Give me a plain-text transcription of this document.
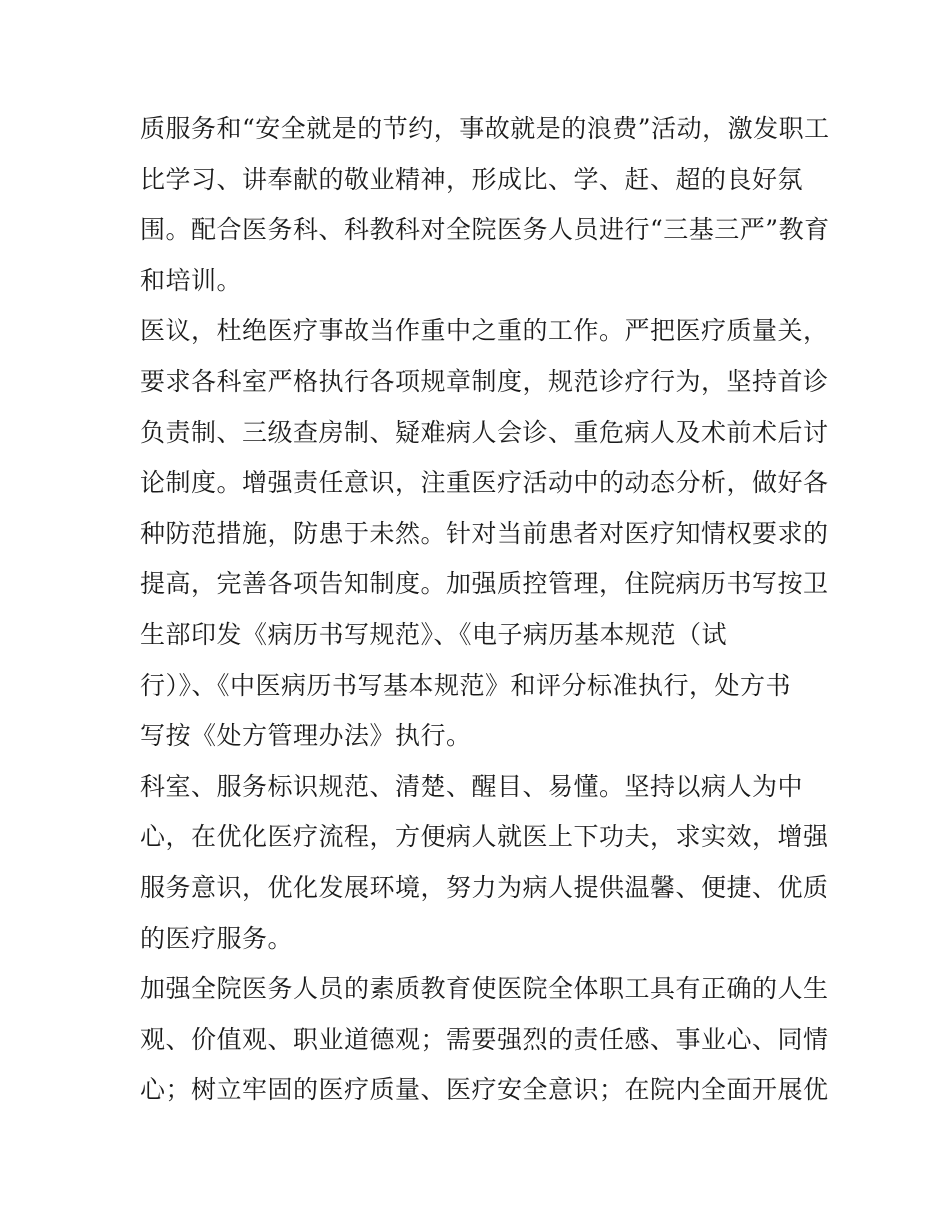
质服务和“安全就是的节约，事故就是的浪费”活动，激发职工
比学习、讲奉献的敬业精神，形成比、学、赶、超的良好氛
围。配合医务科、科教科对全院医务人员进行“三基三严”教育
和培训。
医议，杜绝医疗事故当作重中之重的工作。严把医疗质量关，
要求各科室严格执行各项规章制度，规范诊疗行为，坚持首诊
负责制、三级查房制、疑难病人会诊、重危病人及术前术后讨
论制度。增强责任意识，注重医疗活动中的动态分析，做好各
种防范措施，防患于未然。针对当前患者对医疗知情权要求的
提高，完善各项告知制度。加强质控管理，住院病历书写按卫
生部印发《病历书写规范》、《电子病历基本规范（试
行）》、《中医病历书写基本规范》和评分标准执行，处方书
写按《处方管理办法》执行。
科室、服务标识规范、清楚、醒目、易懂。坚持以病人为中
心，在优化医疗流程，方便病人就医上下功夫，求实效，增强
服务意识，优化发展环境，努力为病人提供温馨、便捷、优质
的医疗服务。
加强全院医务人员的素质教育使医院全体职工具有正确的人生
观、价值观、职业道德观；需要强烈的责任感、事业心、同情
心；树立牢固的医疗质量、医疗安全意识；在院内全面开展优
